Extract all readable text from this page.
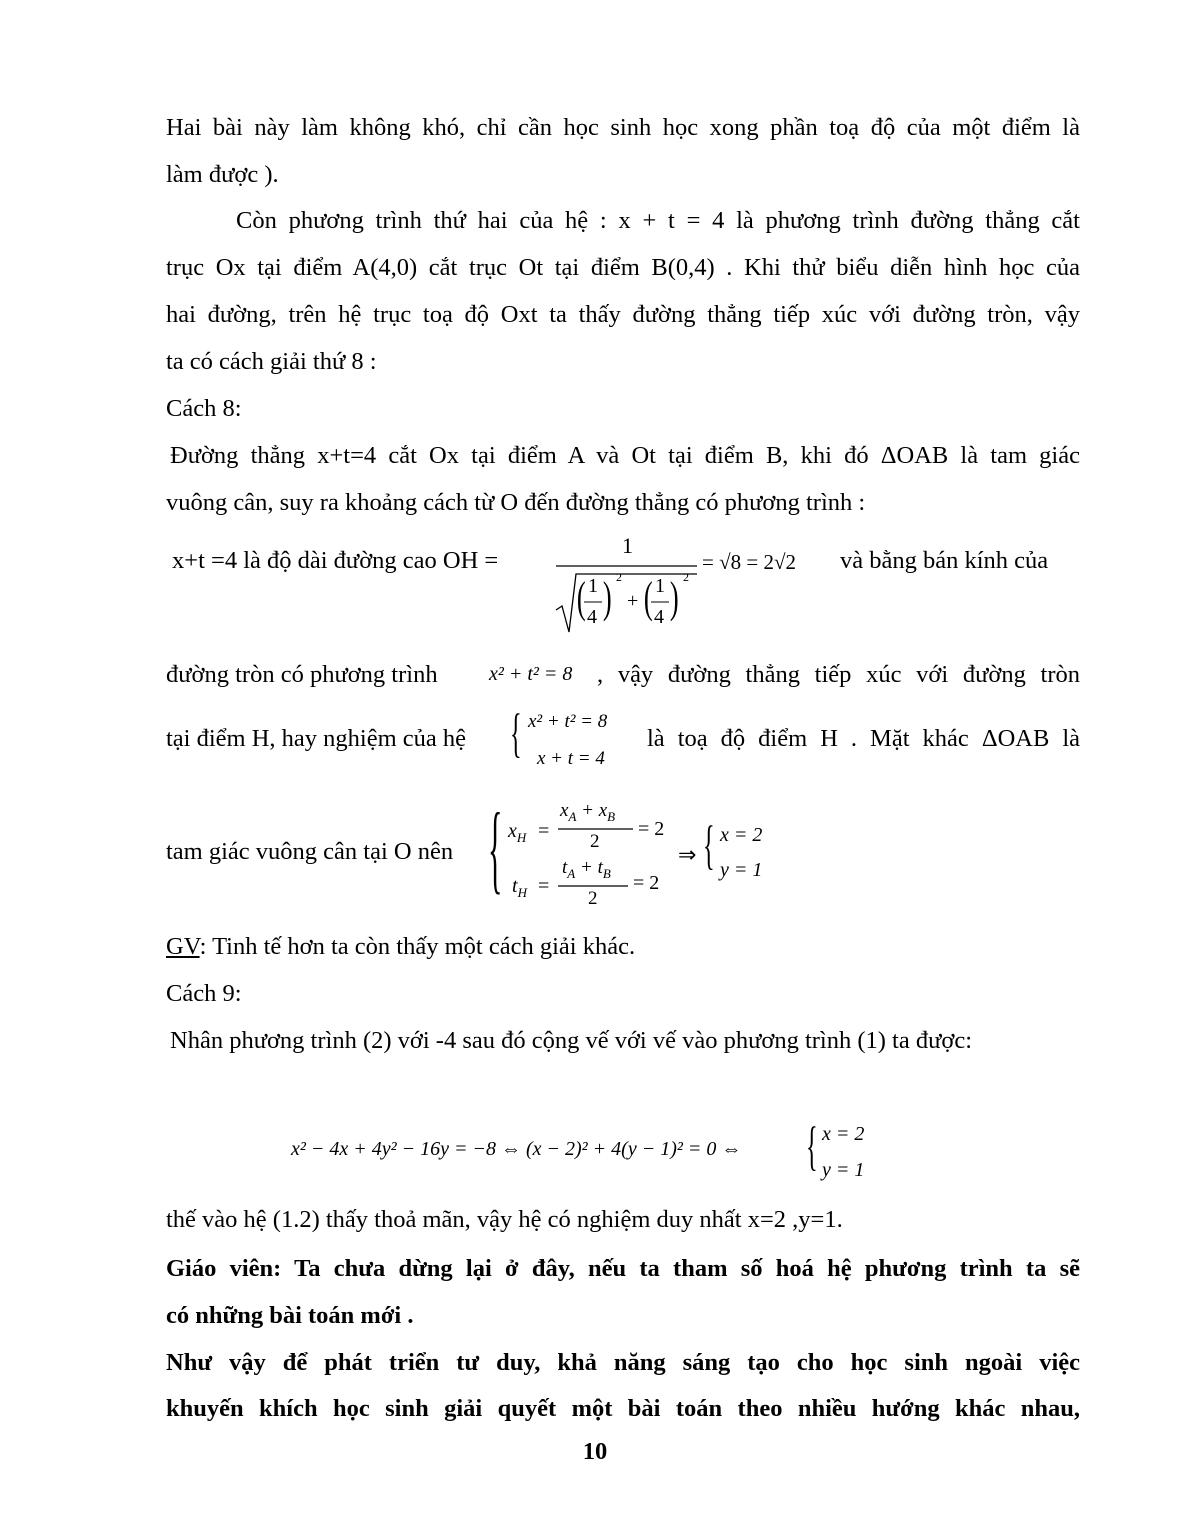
Hai bài này làm không khó, chỉ cần học sinh học xong phần toạ độ của một điểm là
làm được ).
Còn phương trình thứ hai của hệ : x + t = 4 là phương trình đường thẳng cắt
trục Ox tại điểm A(4,0) cắt trục Ot tại điểm B(0,4) . Khi thử biểu diễn hình học của
hai đường, trên hệ trục toạ độ Oxt ta thấy đường thẳng tiếp xúc với đường tròn, vậy
ta có cách giải thứ 8 :
Cách 8:
Đường thẳng x+t=4 cắt Ox tại điểm A và Ot tại điểm B, khi đó ΔOAB là tam giác
vuông cân, suy ra khoảng cách từ O đến đường thẳng có phương trình :
x+t =4 là độ dài đường cao OH =
1
( 1
4 ) 2
+ ( 1
4 ) 2
= √8 = 2√2 và bằng bán kính của
đường tròn có phương trình	x² + t² = 8 , vậy đường thẳng tiếp xúc với đường tròn
tại điểm H, hay nghiệm của hệ { x² + t² = 8
x + t = 4
là toạ độ điểm H . Mặt khác ΔOAB là
tam giác vuông cân tại O nên { $x_H$ =
$x_A + x_B$
2
= 2
$t_H$ =
$t_A + t_B$
2
= 2
⇒ { x = 2
y = 1
GV: Tinh tế hơn ta còn thấy một cách giải khác.
Cách 9:
Nhân phương trình (2) với -4 sau đó cộng vế với vế vào phương trình (1) ta được:
x² − 4x + 4y² − 16y = −8 ⇔ (x − 2)² + 4(y − 1)² = 0 ⇔ { x = 2
y = 1
thế vào hệ (1.2) thấy thoả mãn, vậy hệ có nghiệm duy nhất x=2 ,y=1.
Giáo viên: Ta chưa dừng lại ở đây, nếu ta tham số hoá hệ phương trình ta sẽ
có những bài toán mới .
Như vậy để phát triển tư duy, khả năng sáng tạo cho học sinh ngoài việc
khuyến khích học sinh giải quyết một bài toán theo nhiều hướng khác nhau,
10
